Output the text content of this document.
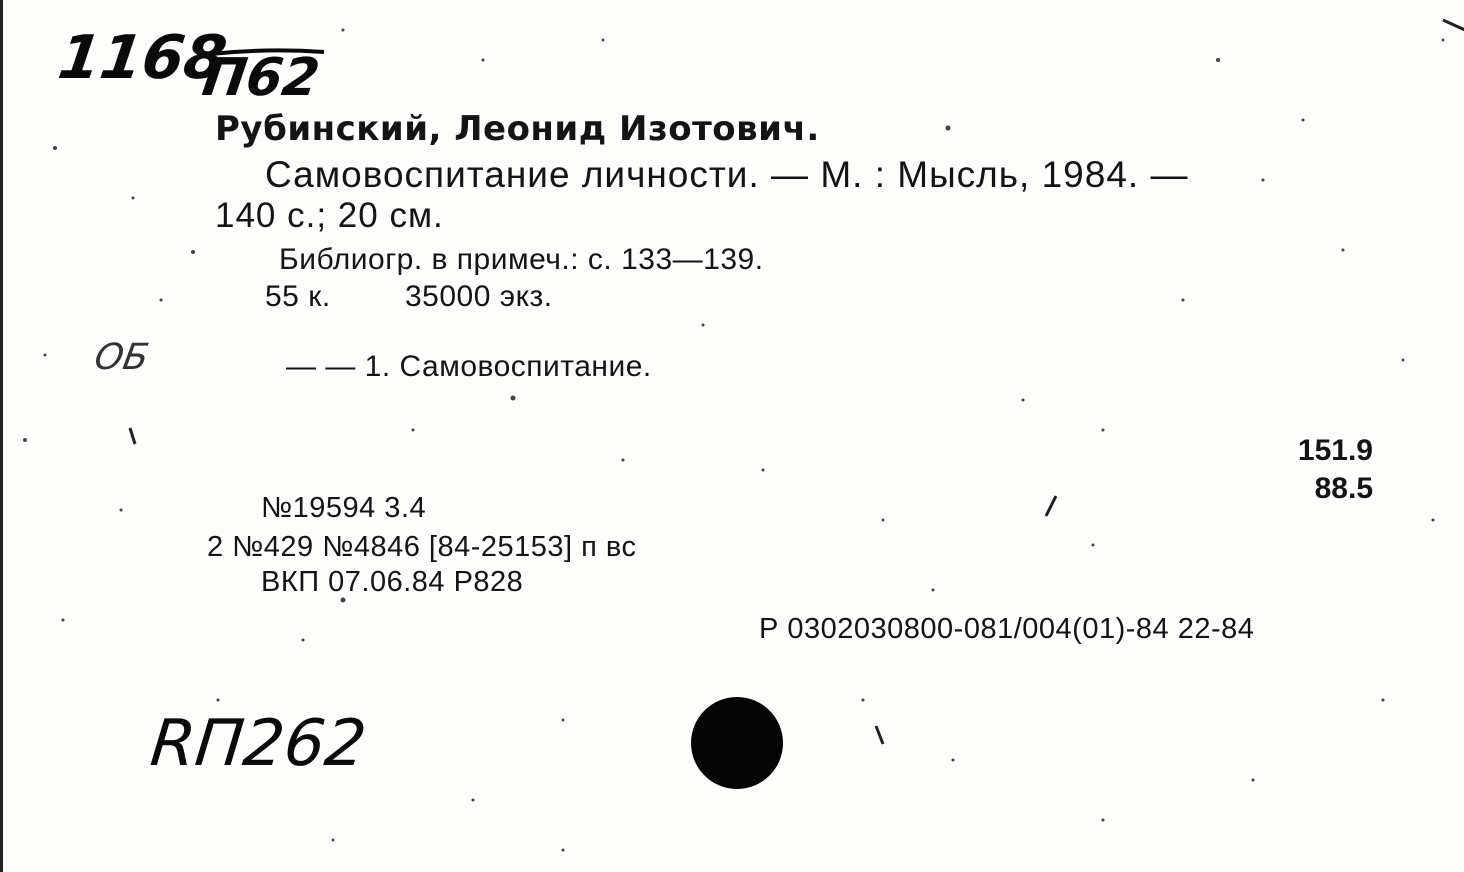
1168
П62
Рубинский, Леонид Изотович.
Самовоспитание личности. — М. : Мысль, 1984. —
140 с.; 20 см.
Библиогр. в примеч.: с. 133—139.
55 к. 35000 экз.
ОБ	— — 1. Самовоспитание.
151.9
88.5
№19594 3.4
2 №429 №4846 [84-25153] п вс
ВКП 07.06.84 Р828
Р 0302030800-081/004(01)-84 22-84
RП262
